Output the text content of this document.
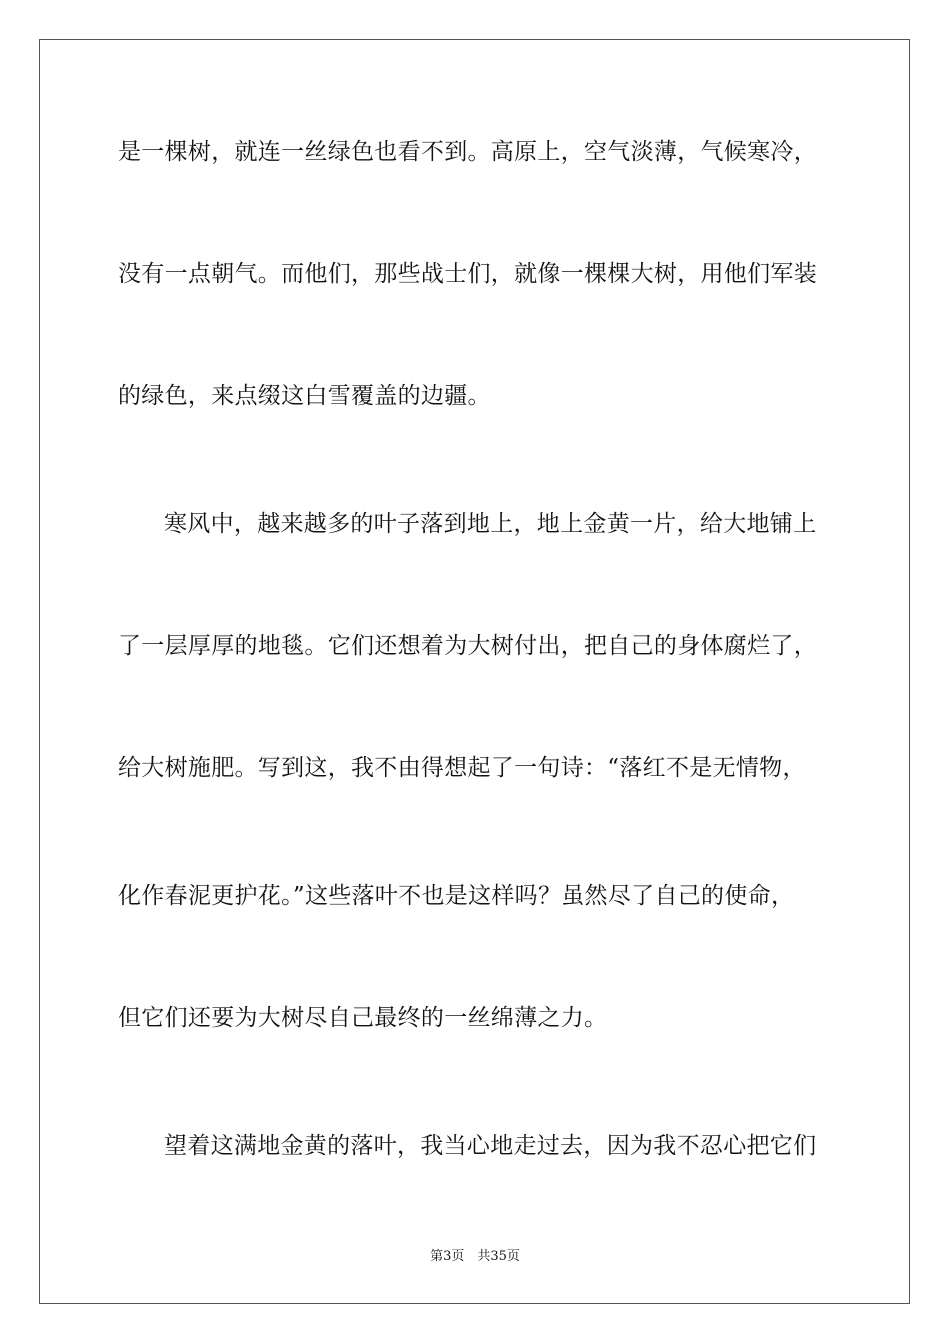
是一棵树，就连一丝绿色也看不到。高原上，空气淡薄，气候寒冷，
没有一点朝气。而他们，那些战士们，就像一棵棵大树，用他们军装
的绿色，来点缀这白雪覆盖的边疆。
寒风中，越来越多的叶子落到地上，地上金黄一片，给大地铺上
了一层厚厚的地毯。它们还想着为大树付出，把自己的身体腐烂了，
给大树施肥。写到这，我不由得想起了一句诗：“落红不是无情物，
化作春泥更护花。”这些落叶不也是这样吗？虽然尽了自己的使命，
但它们还要为大树尽自己最终的一丝绵薄之力。
望着这满地金黄的落叶，我当心地走过去，因为我不忍心把它们
第3页　共35页
